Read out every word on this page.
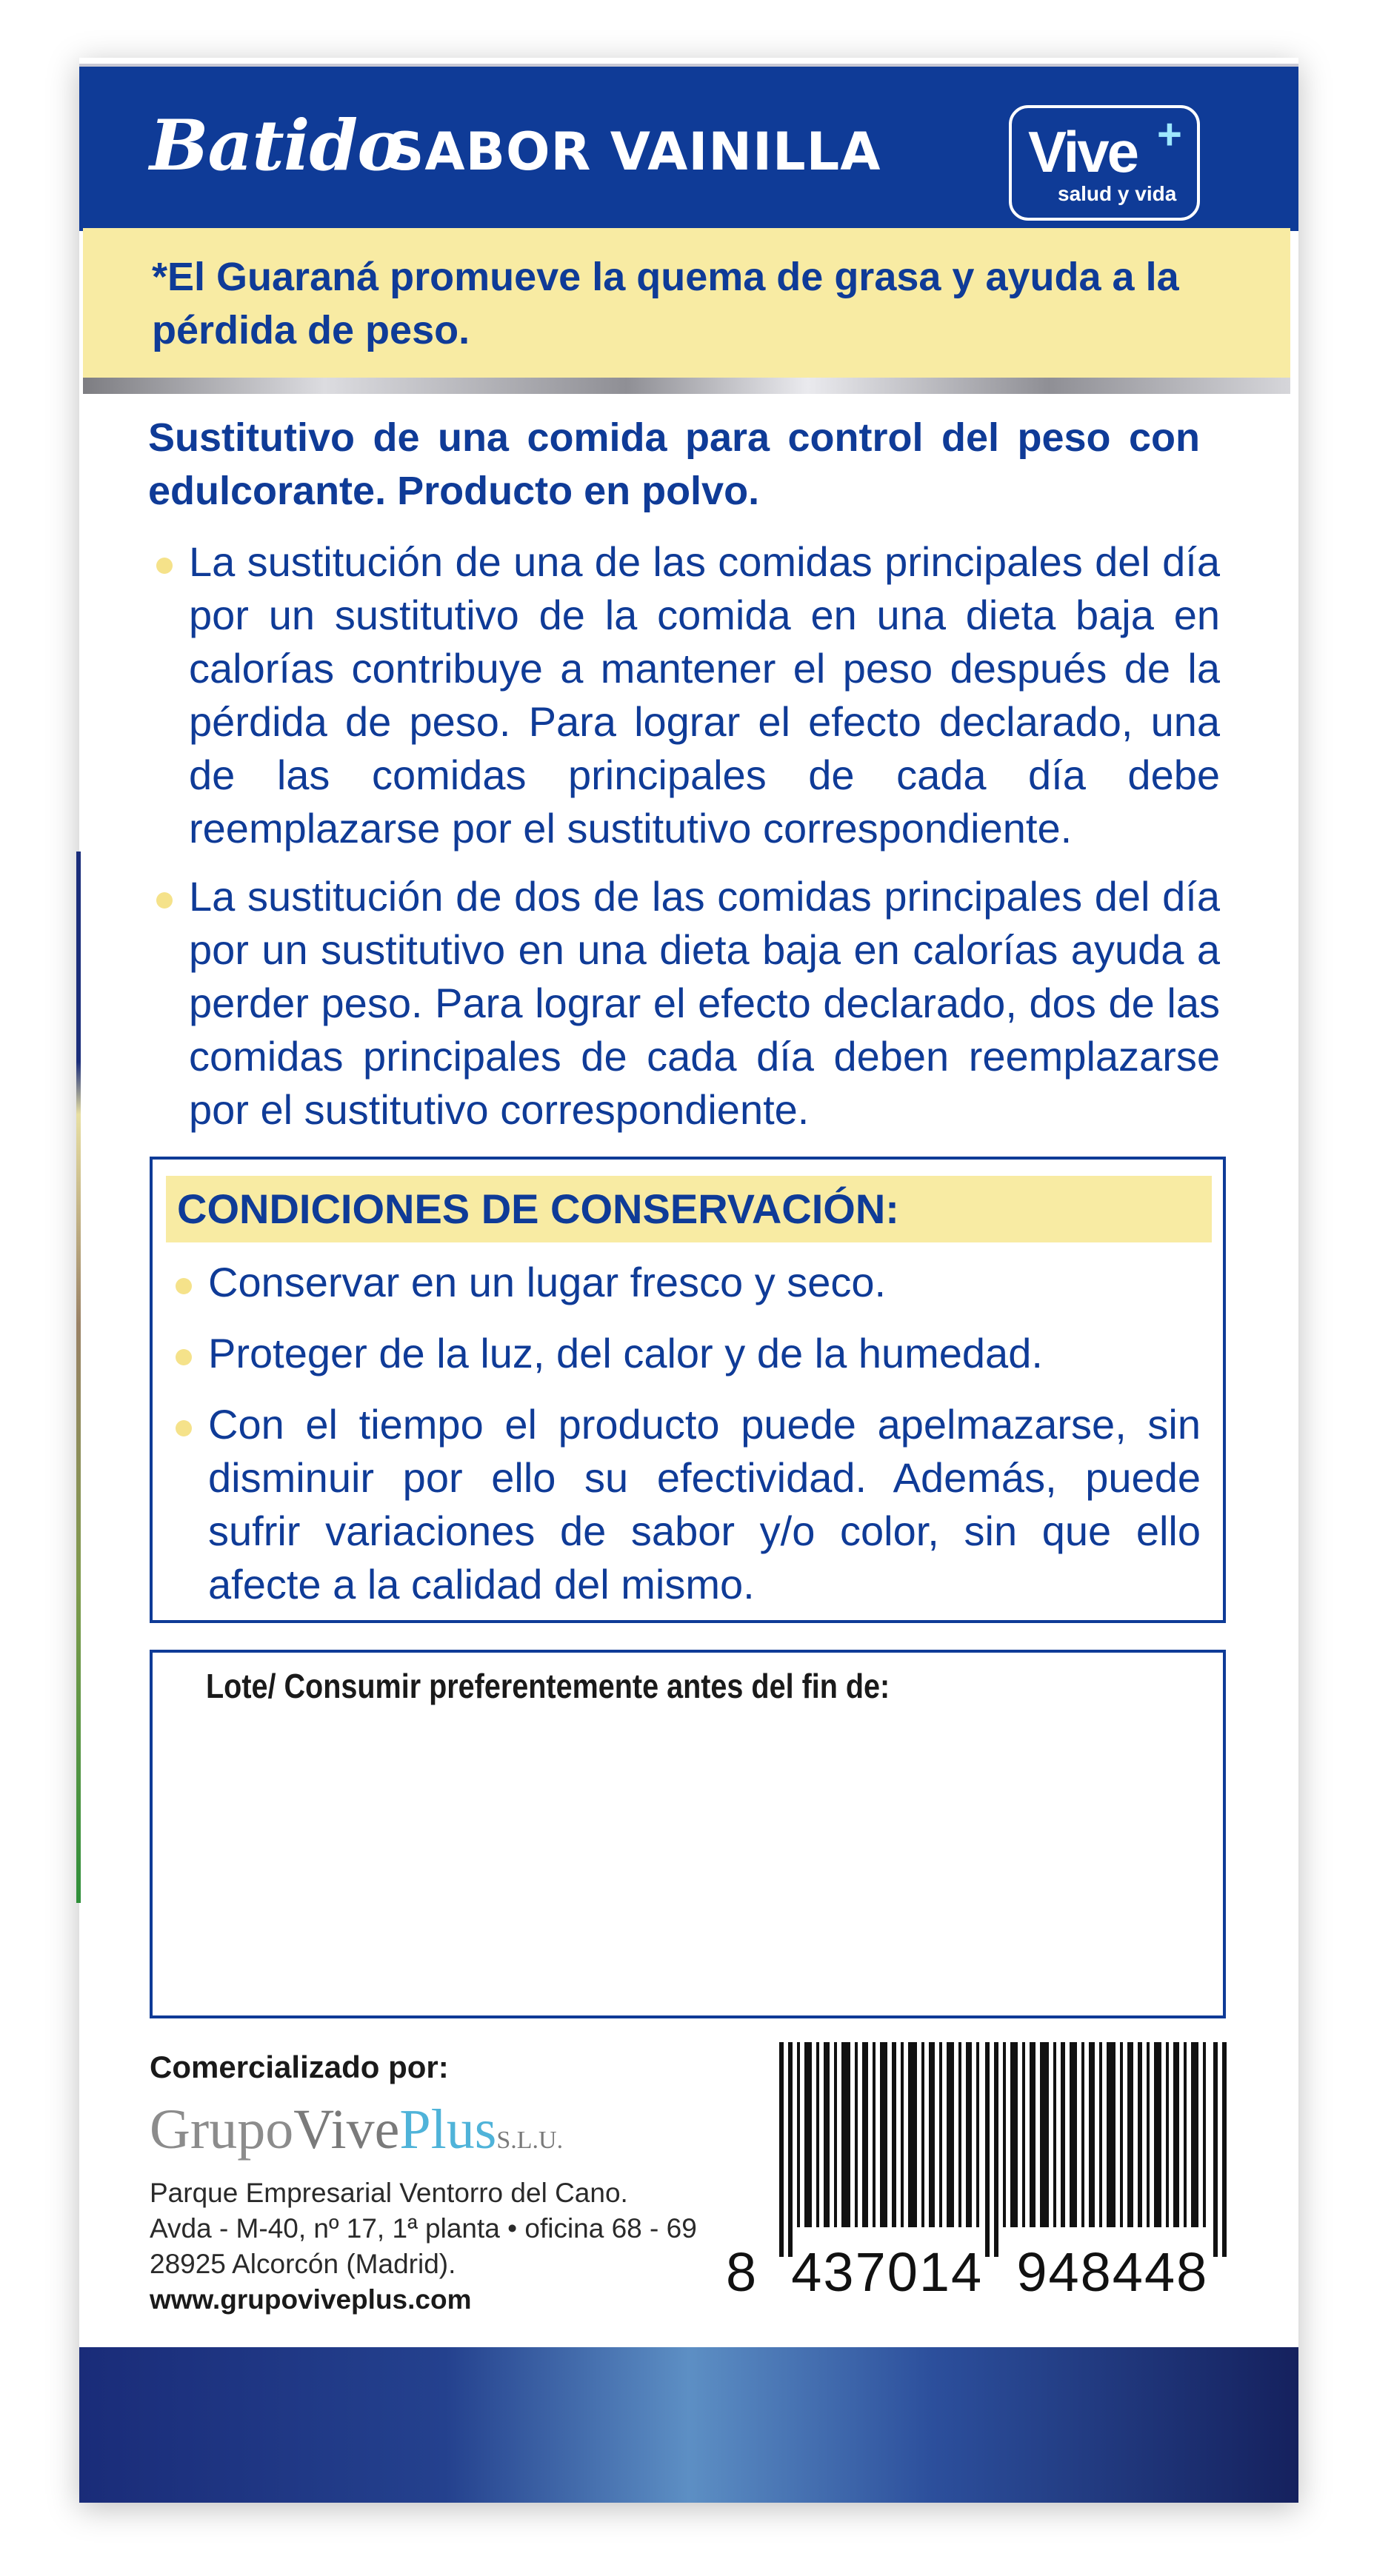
Batido
SABOR VAINILLA	Vive +
salud y vida
*El Guaraná promueve la quema de grasa y ayuda a la pérdida de peso.
Sustitutivo de una comida para control del peso con edulcorante. Producto en polvo.
La sustitución de una de las comidas principales del día por un sustitutivo de la comida en una dieta baja en calorías contribuye a mantener el peso después de la pérdida de peso. Para lograr el efecto declarado, una de las comidas principales de cada día debe reemplazarse por el sustitutivo correspondiente.
La sustitución de dos de las comidas principales del día por un sustitutivo en una dieta baja en calorías ayuda a perder peso. Para lograr el efecto declarado, dos de las comidas principales de cada día deben reemplazarse por el sustitutivo correspondiente.
CONDICIONES DE CONSERVACIÓN:
Conservar en un lugar fresco y seco.
Proteger de la luz, del calor y de la humedad.
Con el tiempo el producto puede apelmazarse, sin disminuir por ello su efectividad. Además, puede sufrir variaciones de sabor y/o color, sin que ello afecte a la calidad del mismo.
Lote/ Consumir preferentemente antes del fin de:
Comercializado por:
GrupoVivePlusS.L.U.
Parque Empresarial Ventorro del Cano.
Avda - M-40, nº 17, 1ª planta • oficina 68 - 69
28925 Alcorcón (Madrid).
www.grupoviveplus.com	8  437014  948448
